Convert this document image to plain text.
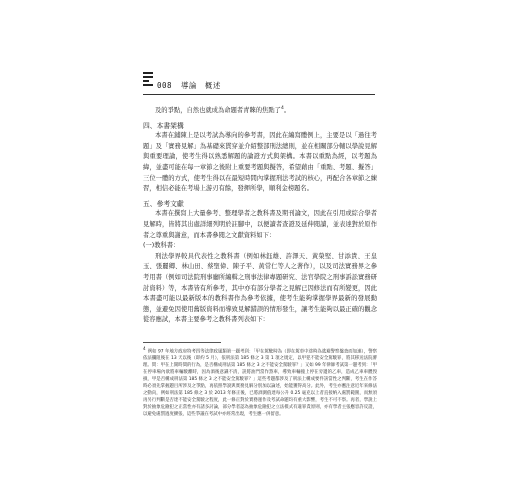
008 導論　概述

及的爭點，自然也就成為命題者青睞的焦點了$^4$。

四、本書架構

本書在鋪陳上是以考試為導向的參考書，因此在編寫體例上，主要是以「過往考題」及「實務見解」為基礎來貫穿並介紹整部刑法總則，並在相關部分輔以學說見解與重要理論，使考生得以熟悉解題的論證方式與架構。本書以重點為經，以考題為緯，並盡可能在每一章節之後附上重要考題與擬答，希望藉由「重點、考題、擬答」三位一體的方式，使考生得以在最短時間內掌握刑法考試的核心，再配合各章節之練習，相信必能在考場上游刃有餘，發揮所學，順利金榜題名。

五、參考文獻

本書在撰寫上大量參考、整理學者之教科書及期刊論文，因此在引用或綜合學者見解時，皆將其出處詳細列明於註腳中，以便讀者查證及延伸閱讀，並表達對於原作者之尊重與謝意，而本書參閱之文獻資料如下：

(一)教科書：

刑法學界較具代表性之教科書（例如林鈺雄、許澤天、黃榮堅、甘添貴、王皇玉、張麗卿、林山田、蔡聖偉、陳子平、黃常仁等人之著作），以及司法實務界之參考用書（例如司法院刑事廳所編輯之刑事法律專題研究、法官學院之刑事訴訟實務研討資料）等，本書皆有所參考，其中亦有部分學者之見解已因修法而有所變更，因此本書盡可能以最新版本的教科書作為參考依據，使考生能夠掌握學界最新的發展動態，並避免因使用舊版資料而導致見解錯誤的情形發生，讓考生能夠以最正確的觀念從容應試，本書主要參考之教科書列表如下：

4例如 97 年地方政府特考四等法律政風類第一題考到：「甲在駕駛時為（即在駕車中途時為逃避警察盤查而加速），警察依法攔阻後在 13 天以後（即約 5 月），依刑法第 185 條之 3 第 1 項之規定，以甲犯不能安全駕駛罪，將其移送法院審理。問：甲在上開時間的行為，是否構成刑法第 185 條之 3 之不能安全駕駛罪？」又如 99 年律師考試第一題考到：「甲在停車場內欲將車輛駛離時，因為酒後意識不清，誤將油門當作煞車，導致車輛撞上停在旁邊的乙車，造成乙車車體毀損，甲是否構成刑法第 185 條之 3 之不能安全駕駛罪？」這些考題都涉及了刑法上構成要件該當性之判斷，考生在作答時必須先掌握題目所涉及之爭點，再依照學說與實務見解分別加以論述，始能獲得高分。此外，考生亦應注意近年來修法之動向，例如刑法第 185 條之 3 於 2013 年修正後，已將酒測值達每公升 0.25 毫克以上者直接納入處罰範圍，而無須再另行判斷是否達不能安全駕駛之程度，此一修正對於實務運作及考試命題均有重大影響，考生不可不察。再者，學說上對於抽象危險犯之正當性亦有諸多討論，部分學者認為抽象危險犯之立法模式有違罪責原則，亦有學者主張應容許反證，以避免處罰過度擴張，這些爭議在考試中亦經常出現，考生應一併留意。
